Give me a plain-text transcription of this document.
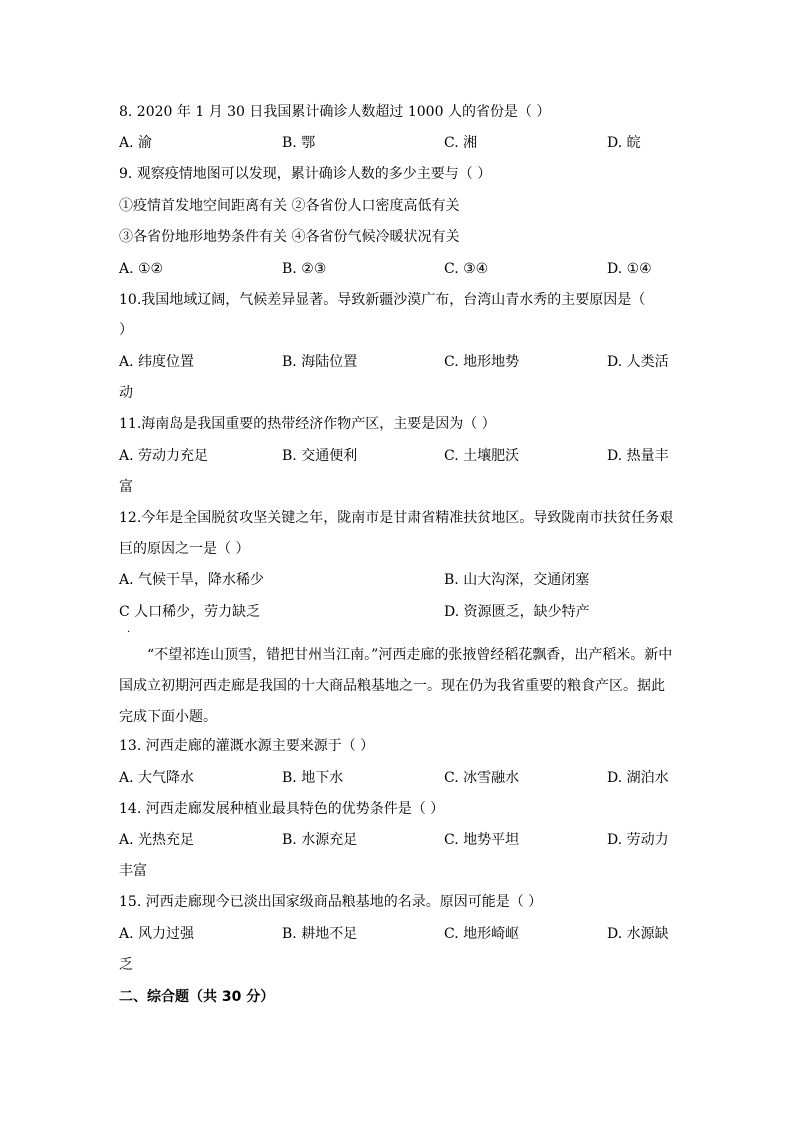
8. 2020 年 1 月 30 日我国累计确诊人数超过 1000 人的省份是（ ）
A. 渝	B. 鄂	C. 湘	D. 皖
9. 观察疫情地图可以发现，累计确诊人数的多少主要与（ ）
①疫情首发地空间距离有关 ②各省份人口密度高低有关
③各省份地形地势条件有关 ④各省份气候冷暖状况有关
A. ①②	B. ②③	C. ③④	D. ①④
10.我国地域辽阔，气候差异显著。导致新疆沙漠广布，台湾山青水秀的主要原因是（
）
A. 纬度位置	B. 海陆位置	C. 地形地势	D. 人类活
动
11.海南岛是我国重要的热带经济作物产区，主要是因为（ ）
A. 劳动力充足	B. 交通便利	C. 土壤肥沃	D. 热量丰
富
12.今年是全国脱贫攻坚关键之年，陇南市是甘肃省精准扶贫地区。导致陇南市扶贫任务艰
巨的原因之一是（ ）
A. 气候干旱，降水稀少	B. 山大沟深，交通闭塞
C 人口稀少，劳力缺乏	D. 资源匮乏，缺少特产
·
“不望祁连山顶雪，错把甘州当江南。”河西走廊的张掖曾经稻花飘香，出产稻米。新中国成立初期河西走廊是我国的十大商品粮基地之一。现在仍为我省重要的粮食产区。据此完成下面小题。
13. 河西走廊的灌溉水源主要来源于（ ）
A. 大气降水	B. 地下水	C. 冰雪融水	D. 湖泊水
14. 河西走廊发展种植业最具特色的优势条件是（ ）
A. 光热充足	B. 水源充足	C. 地势平坦	D. 劳动力
丰富
15. 河西走廊现今已淡出国家级商品粮基地的名录。原因可能是（ ）
A. 风力过强	B. 耕地不足	C. 地形崎岖	D. 水源缺
乏
二、综合题（共 30 分）
